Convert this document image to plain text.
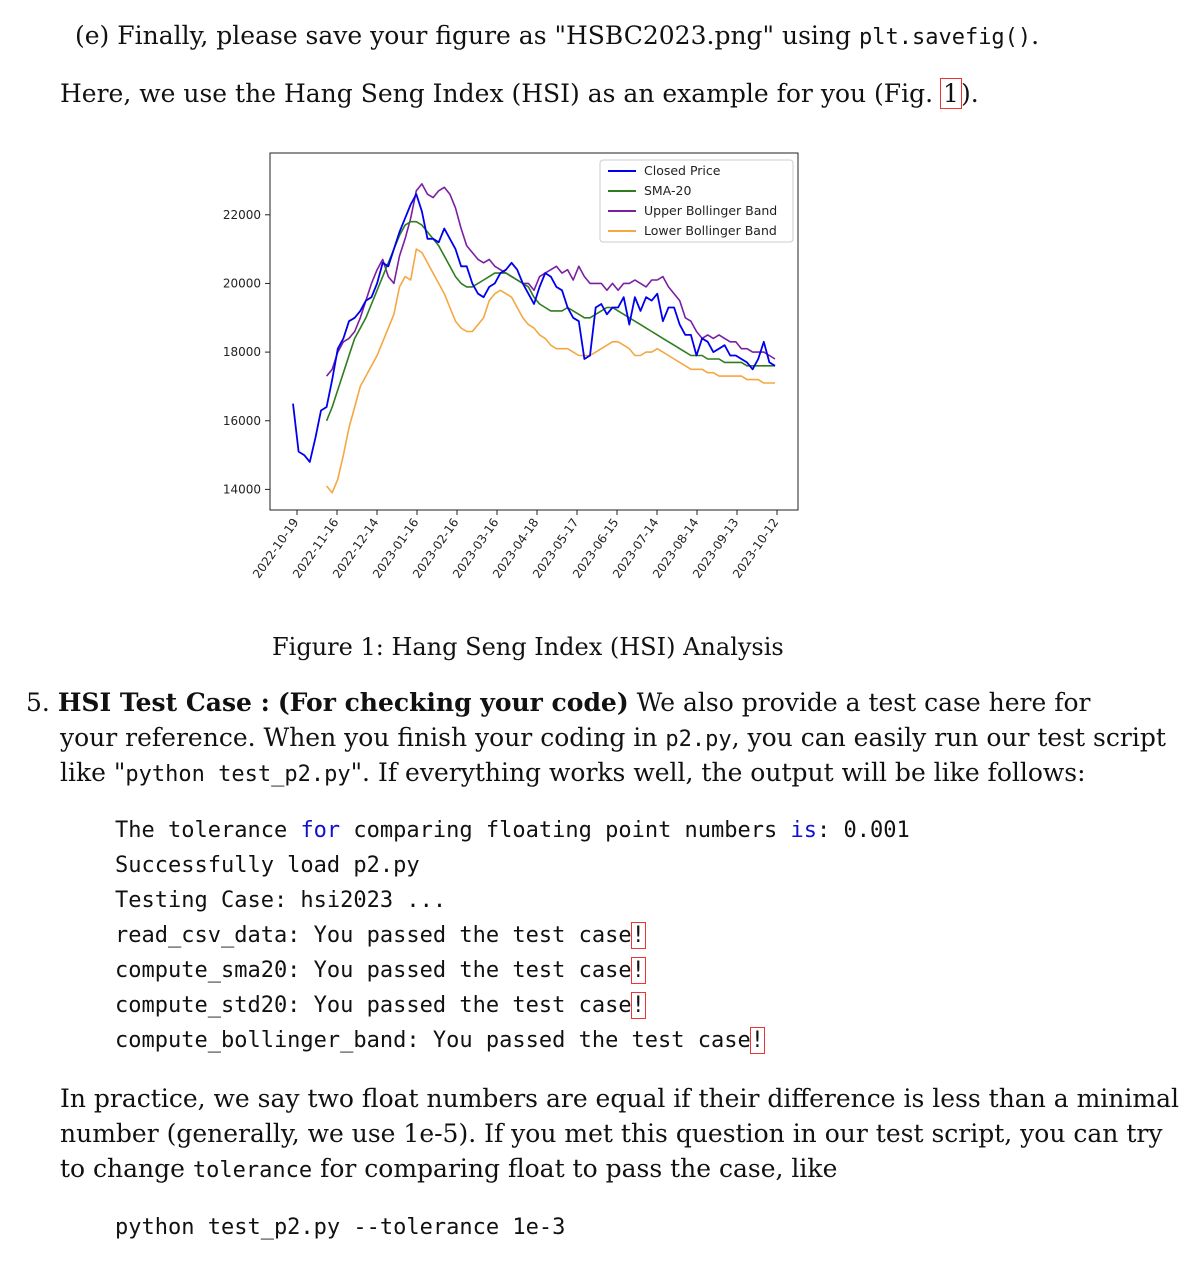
(e) Finally, please save your figure as "HSBC2023.png" using plt.savefig().
Here, we use the Hang Seng Index (HSI) as an example for you (Fig. 1).
14000
16000
18000
20000
22000
2022-10-19
2022-11-16
2022-12-14
2023-01-16
2023-02-16
2023-03-16
2023-04-18
2023-05-17
2023-06-15
2023-07-14
2023-08-14
2023-09-13
2023-10-12
Closed Price
SMA-20
Upper Bollinger Band
Lower Bollinger Band
Figure 1: Hang Seng Index (HSI) Analysis
5. HSI Test Case : (For checking your code) We also provide a test case here for
your reference. When you finish your coding in p2.py, you can easily run our test script
like "python test_p2.py". If everything works well, the output will be like follows:
The tolerance for comparing floating point numbers is: 0.001
Successfully load p2.py
Testing Case: hsi2023 ...
read_csv_data: You passed the test case!
compute_sma20: You passed the test case!
compute_std20: You passed the test case!
compute_bollinger_band: You passed the test case!
In practice, we say two float numbers are equal if their difference is less than a minimal
number (generally, we use 1e-5). If you met this question in our test script, you can try
to change tolerance for comparing float to pass the case, like
python test_p2.py --tolerance 1e-3
